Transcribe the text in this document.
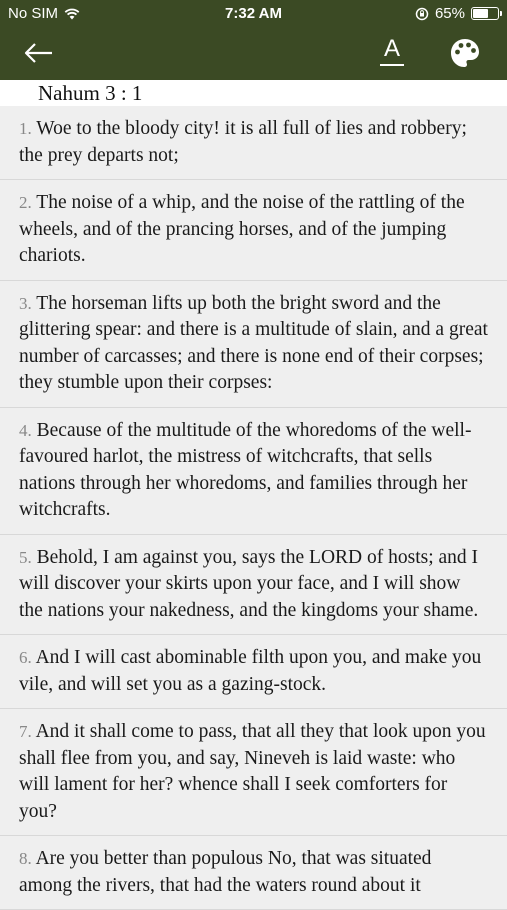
No SIM	7:32 AM	65%
A
Nahum 3 : 1
1. Woe to the bloody city! it is all full of lies and robbery; the prey departs not;
2. The noise of a whip, and the noise of the rattling of the wheels, and of the prancing horses, and of the jumping chariots.
3. The horseman lifts up both the bright sword and the glittering spear: and there is a multitude of slain, and a great number of carcasses; and there is none end of their corpses; they stumble upon their corpses:
4. Because of the multitude of the whoredoms of the well-favoured harlot, the mistress of witchcrafts, that sells nations through her whoredoms, and families through her witchcrafts.
5. Behold, I am against you, says the LORD of hosts; and I will discover your skirts upon your face, and I will show the nations your nakedness, and the kingdoms your shame.
6. And I will cast abominable filth upon you, and make you vile, and will set you as a gazing-stock.
7. And it shall come to pass, that all they that look upon you shall flee from you, and say, Nineveh is laid waste: who will lament for her? whence shall I seek comforters for you?
8. Are you better than populous No, that was situated among the rivers, that had the waters round about it
